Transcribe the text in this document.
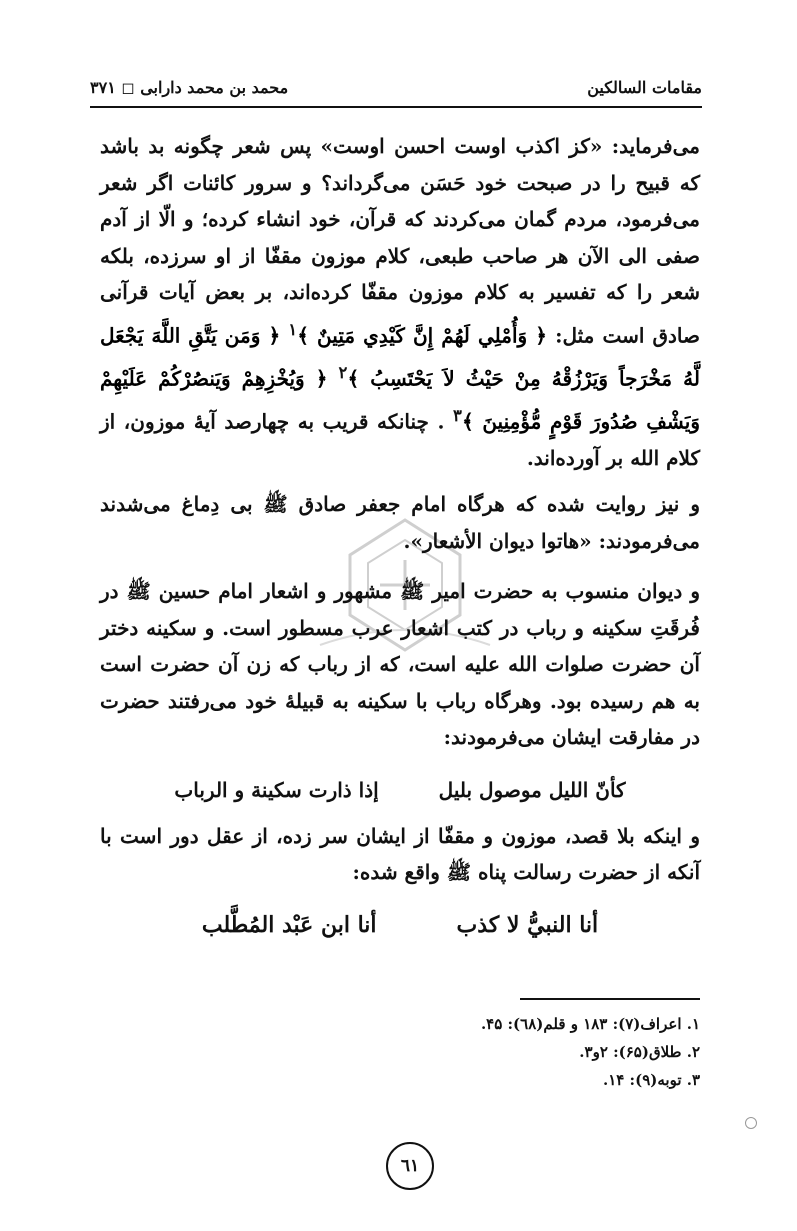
مقامات السالکین
محمد بن محمد دارابی ◻ ٣٧١

می‌فرماید: «کز اکذب اوست احسن اوست» پس شعر چگونه بد باشد که قبیح را در صبحت خود حَسَن می‌گرداند؟ و سرور کائنات اگر شعر می‌فرمود، مردم گمان می‌کردند که قرآن، خود انشاء کرده؛ و الّا از آدم صفی الی الآن هر صاحب طبعی، کلام موزون مقفّا از او سرزده، بلکه شعر را که تفسیر به کلام موزون مقفّا کرده‌اند، بر بعض آیات قرآنی صادق است مثل: ﴿ وَأُمْلِي لَهُمْ إِنَّ كَيْدِي مَتِينٌ ﴾$^١$ ﴿ وَمَن يَتَّقِ اللَّهَ يَجْعَل لَّهُ مَخْرَجاً وَيَرْزُقْهُ مِنْ حَيْثُ لاَ يَحْتَسِبُ ﴾$^٢$ ﴿ وَيُخْزِهِمْ وَيَنصُرْكُمْ عَلَيْهِمْ وَيَشْفِ صُدُورَ قَوْمٍ مُّؤْمِنِينَ ﴾$^٣$ . چنانکه قریب به چهارصد آیهٔ موزون، از کلام الله بر آورده‌اند.

و نیز روایت شده که هرگاه امام جعفر صادق ﷺ بی دِماغ می‌شدند می‌فرمودند: «هاتوا دیوان الأشعار».

و دیوان منسوب به حضرت امیر ﷺ مشهور و اشعار امام حسین ﷺ در فُرقَتِ سکینه و رباب در کتب اشعار عرب مسطور است. و سکینه دختر آن حضرت صلوات الله علیه است، که از رباب که زن آن حضرت است به هم رسیده بود. وهرگاه رباب با سکینه به قبیلهٔ خود می‌رفتند حضرت در مفارقت ایشان می‌فرمودند:

کأنّ اللیل موصول بلیل
إذا ذارت سکینة و الرباب

و اینکه بلا قصد، موزون و مقفّا از ایشان سر زده، از عقل دور است با آنکه از حضرت رسالت پناه ﷺ واقع شده:

أنا النبيُّ لا کذب
أنا ابن عَبْد المُطَّلب
١. اعراف(٧): ١٨٣ و قلم(٦٨): ۴۵.
٢. طلاق(۶۵): ٢و٣.
٣. توبه(٩): ١۴.
٦١
